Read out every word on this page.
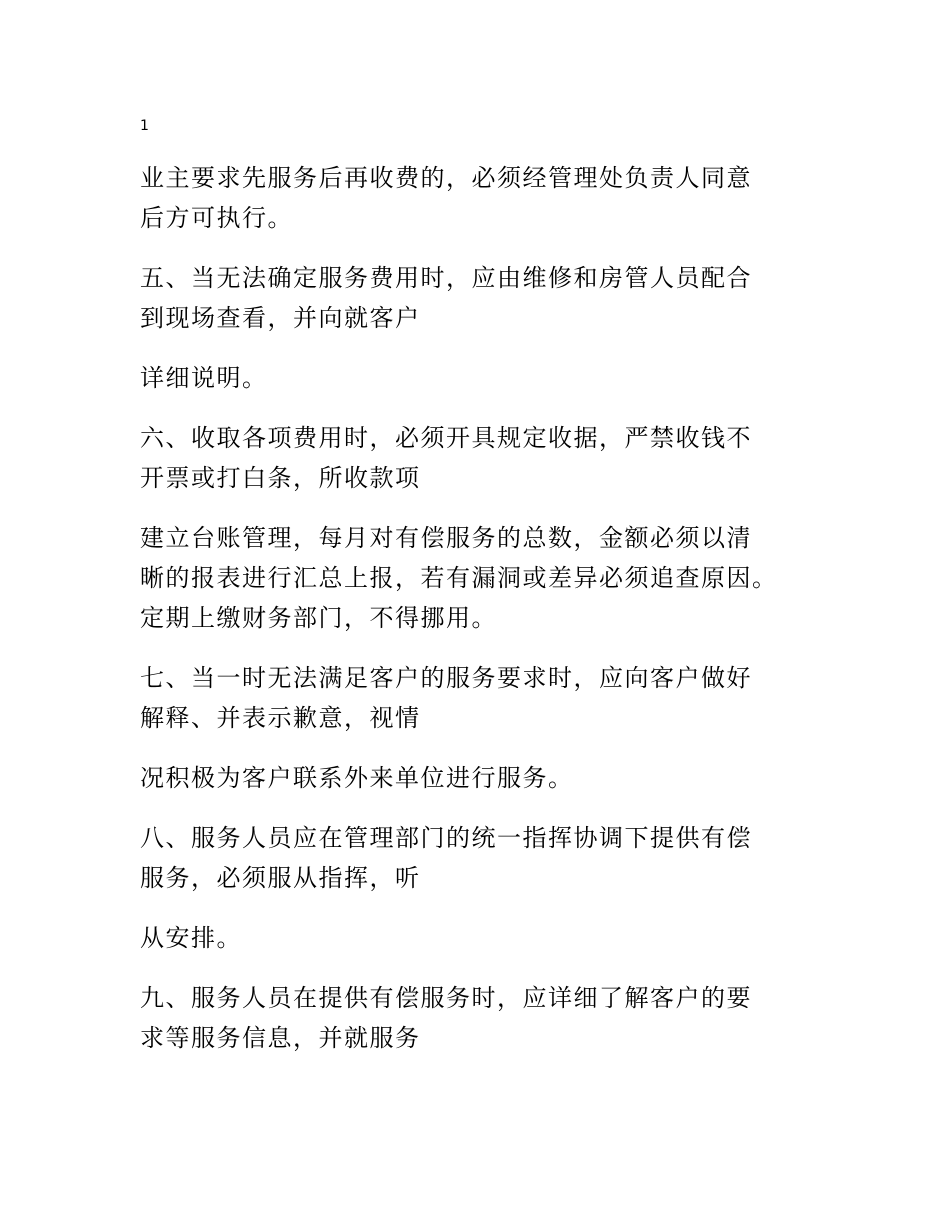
1

业主要求先服务后再收费的，必须经管理处负责人同意
后方可执行。

五、当无法确定服务费用时，应由维修和房管人员配合
到现场查看，并向就客户

详细说明。

六、收取各项费用时，必须开具规定收据，严禁收钱不
开票或打白条，所收款项

建立台账管理，每月对有偿服务的总数，金额必须以清
晰的报表进行汇总上报，若有漏洞或差异必须追查原因。
定期上缴财务部门，不得挪用。

七、当一时无法满足客户的服务要求时，应向客户做好
解释、并表示歉意，视情

况积极为客户联系外来单位进行服务。

八、服务人员应在管理部门的统一指挥协调下提供有偿
服务，必须服从指挥，听

从安排。

九、服务人员在提供有偿服务时，应详细了解客户的要
求等服务信息，并就服务
